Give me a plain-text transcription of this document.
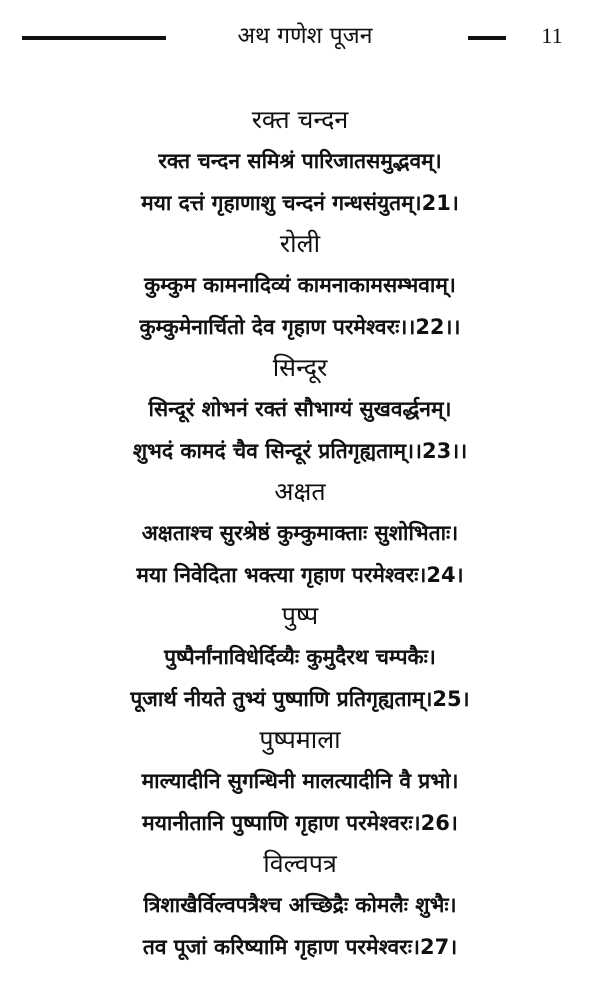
अथ गणेश पूजन	11
रक्त चन्दन
रक्त चन्दन समिश्रं पारिजातसमुद्भवम्।
मया दत्तं गृहाणाशु चन्दनं गन्धसंयुतम्।21।
रोली
कुम्कुम कामनादिव्यं कामनाकामसम्भवाम्।
कुम्कुमेनार्चितो देव गृहाण परमेश्वरः।।22।।
सिन्दूर
सिन्दूरं शोभनं रक्तं सौभाग्यं सुखवर्द्धनम्।
शुभदं कामदं चैव सिन्दूरं प्रतिगृह्यताम्।।23।।
अक्षत
अक्षताश्च सुरश्रेष्ठं कुम्कुमाक्ताः सुशोभिताः।
मया निवेदिता भक्त्या गृहाण परमेश्वरः।24।
पुष्प
पुष्पैर्नांनाविधेर्दिव्यैः कुमुदैरथ चम्पकैः।
पूजार्थ नीयते तुभ्यं पुष्पाणि प्रतिगृह्यताम्।25।
पुष्पमाला
माल्यादीनि सुगन्धिनी मालत्यादीनि वै प्रभो।
मयानीतानि पुष्पाणि गृहाण परमेश्वरः।26।
विल्वपत्र
त्रिशाखैर्विल्वपत्रैश्च अच्छिद्रैः कोमलैः शुभैः।
तव पूजां करिष्यामि गृहाण परमेश्वरः।27।
